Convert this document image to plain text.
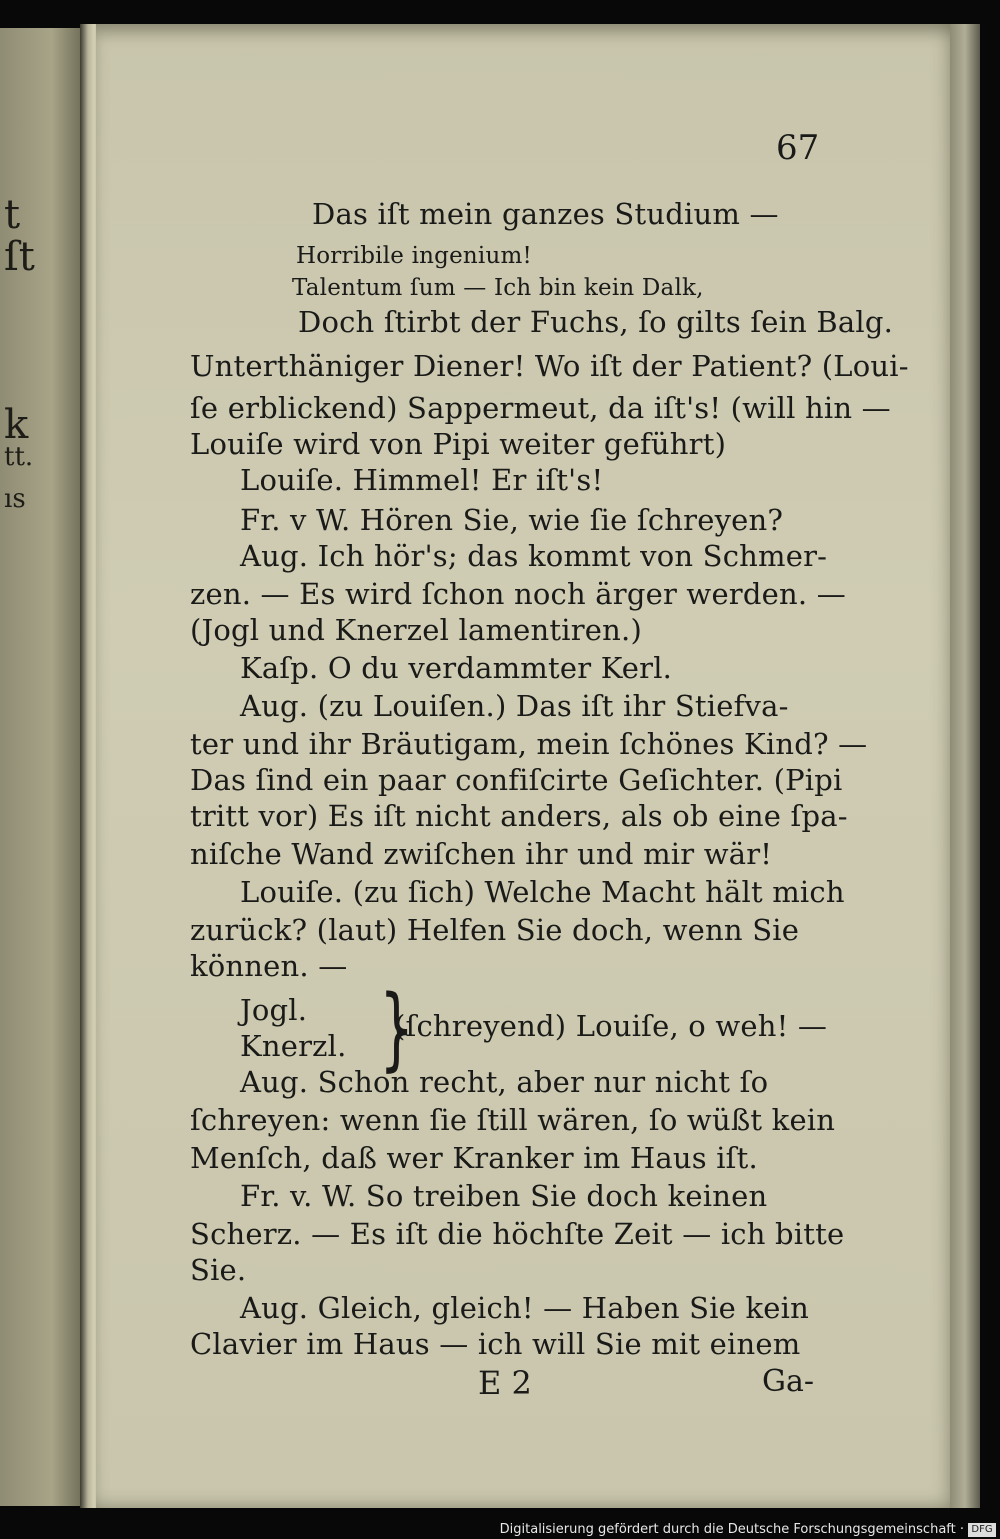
t
ſt
k
tt.
ıs
67
Das iſt mein ganzes Studium —
Horribile ingenium!
Talentum ſum — Ich bin kein Dalk,
Doch ſtirbt der Fuchs, ſo gilts ſein Balg.
Unterthäniger Diener! Wo iſt der Patient? (Loui-
ſe erblickend) Sappermeut, da iſt's! (will hin —
Louiſe wird von Pipi weiter geführt)
Louiſe. Himmel! Er iſt's!
Fr. v W. Hören Sie, wie ſie ſchreyen?
Aug. Ich hör's; das kommt von Schmer-
zen. — Es wird ſchon noch ärger werden. —
(Jogl und Knerzel lamentiren.)
Kaſp. O du verdammter Kerl.
Aug. (zu Louiſen.) Das iſt ihr Stiefva-
ter und ihr Bräutigam, mein ſchönes Kind? —
Das ſind ein paar confiſcirte Geſichter. (Pipi
tritt vor) Es iſt nicht anders, als ob eine ſpa-
niſche Wand zwiſchen ihr und mir wär!
Louiſe. (zu ſich) Welche Macht hält mich
zurück? (laut) Helfen Sie doch, wenn Sie
können. —
Jogl.
Knerzl. }
(ſchreyend) Louiſe, o weh! —
Aug. Schon recht, aber nur nicht ſo
ſchreyen: wenn ſie ſtill wären, ſo wüßt kein
Menſch, daß wer Kranker im Haus iſt.
Fr. v. W. So treiben Sie doch keinen
Scherz. — Es iſt die höchſte Zeit — ich bitte
Sie.
Aug. Gleich, gleich! — Haben Sie kein
Clavier im Haus — ich will Sie mit einem
E 2	Ga-
Digitalisierung gefördert durch die Deutsche Forschungsgemeinschaft · DFG
